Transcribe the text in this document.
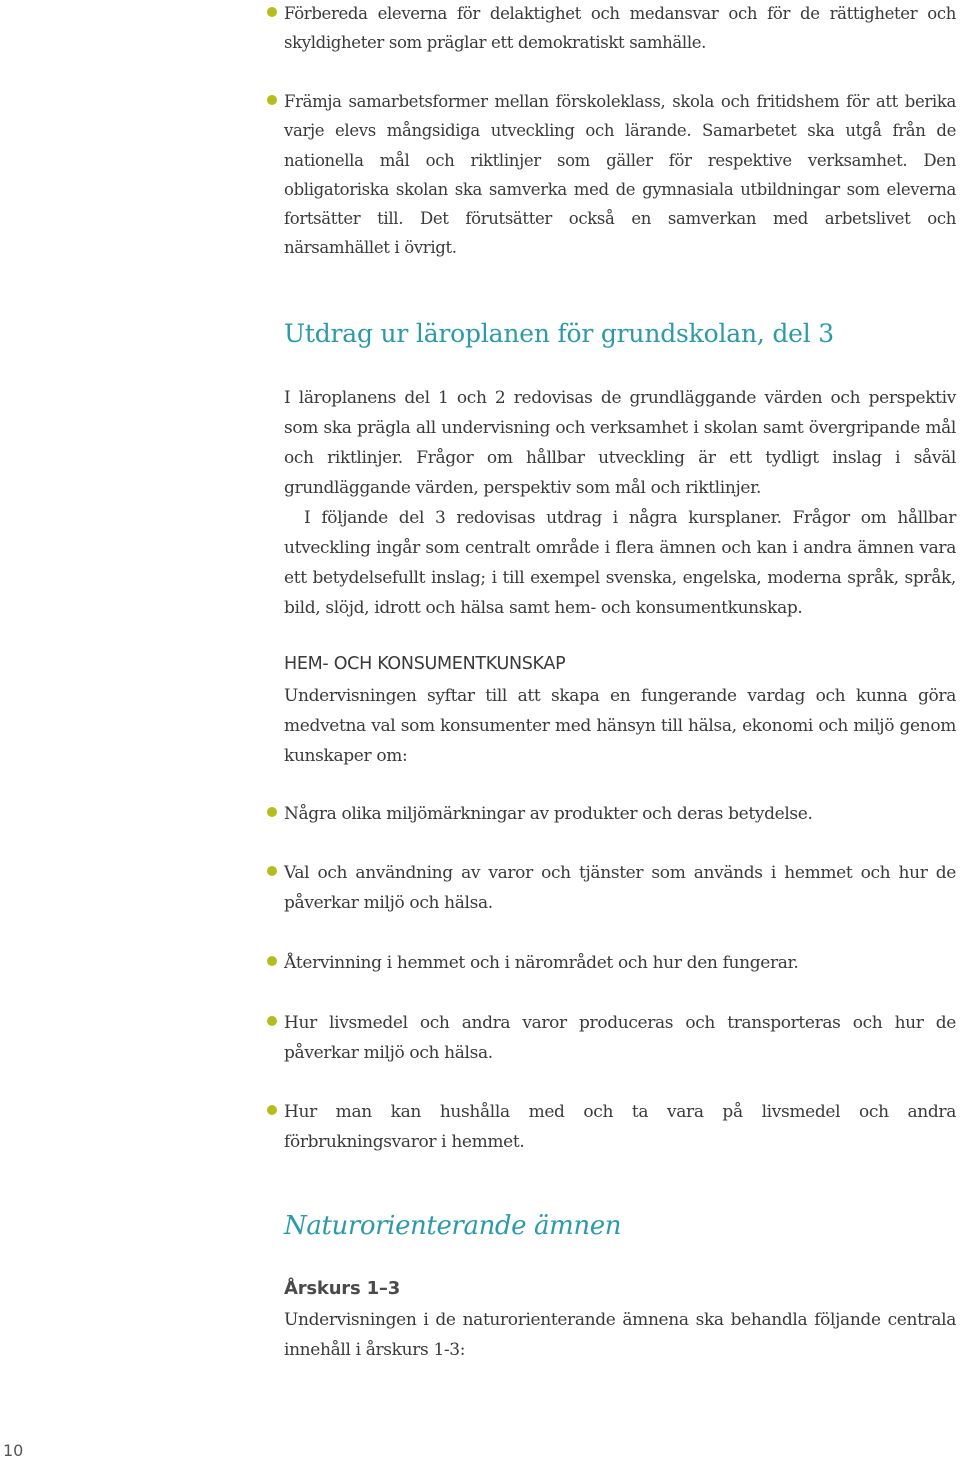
Förbereda eleverna för delaktighet och medansvar och för de rättigheter och skyldigheter som präglar ett demokratiskt samhälle.

Främja samarbetsformer mellan förskoleklass, skola och fritidshem för att berika varje elevs mångsidiga utveckling och lärande. Samarbetet ska utgå från de nationella mål och riktlinjer som gäller för respektive verksamhet. Den obligatoriska skolan ska samverka med de gymnasiala utbildningar som eleverna fortsätter till. Det förutsätter också en samverkan med arbetslivet och närsamhället i övrigt.

Utdrag ur läroplanen för grundskolan, del 3

I läroplanens del 1 och 2 redovisas de grundläggande värden och perspektiv som ska prägla all undervisning och verksamhet i skolan samt övergripande mål och riktlinjer. Frågor om hållbar utveckling är ett tydligt inslag i såväl grundläggande värden, perspektiv som mål och riktlinjer.

I följande del 3 redovisas utdrag i några kursplaner. Frågor om hållbar utveckling ingår som centralt område i flera ämnen och kan i andra ämnen vara ett betydelsefullt inslag; i till exempel svenska, engelska, moderna språk, språk, bild, slöjd, idrott och hälsa samt hem- och konsumentkunskap.

HEM- OCH KONSUMENTKUNSKAP

Undervisningen syftar till att skapa en fungerande vardag och kunna göra medvetna val som konsumenter med hänsyn till hälsa, ekonomi och miljö genom kunskaper om:

Några olika miljömärkningar av produkter och deras betydelse.

Val och användning av varor och tjänster som används i hemmet och hur de påverkar miljö och hälsa.

Återvinning i hemmet och i närområdet och hur den fungerar.

Hur livsmedel och andra varor produceras och transporteras och hur de påverkar miljö och hälsa.

Hur man kan hushålla med och ta vara på livsmedel och andra förbrukningsvaror i hemmet.

Naturorienterande ämnen
Årskurs 1–3

Undervisningen i de naturorienterande ämnena ska behandla följande centrala innehåll i årskurs 1-3:

10
